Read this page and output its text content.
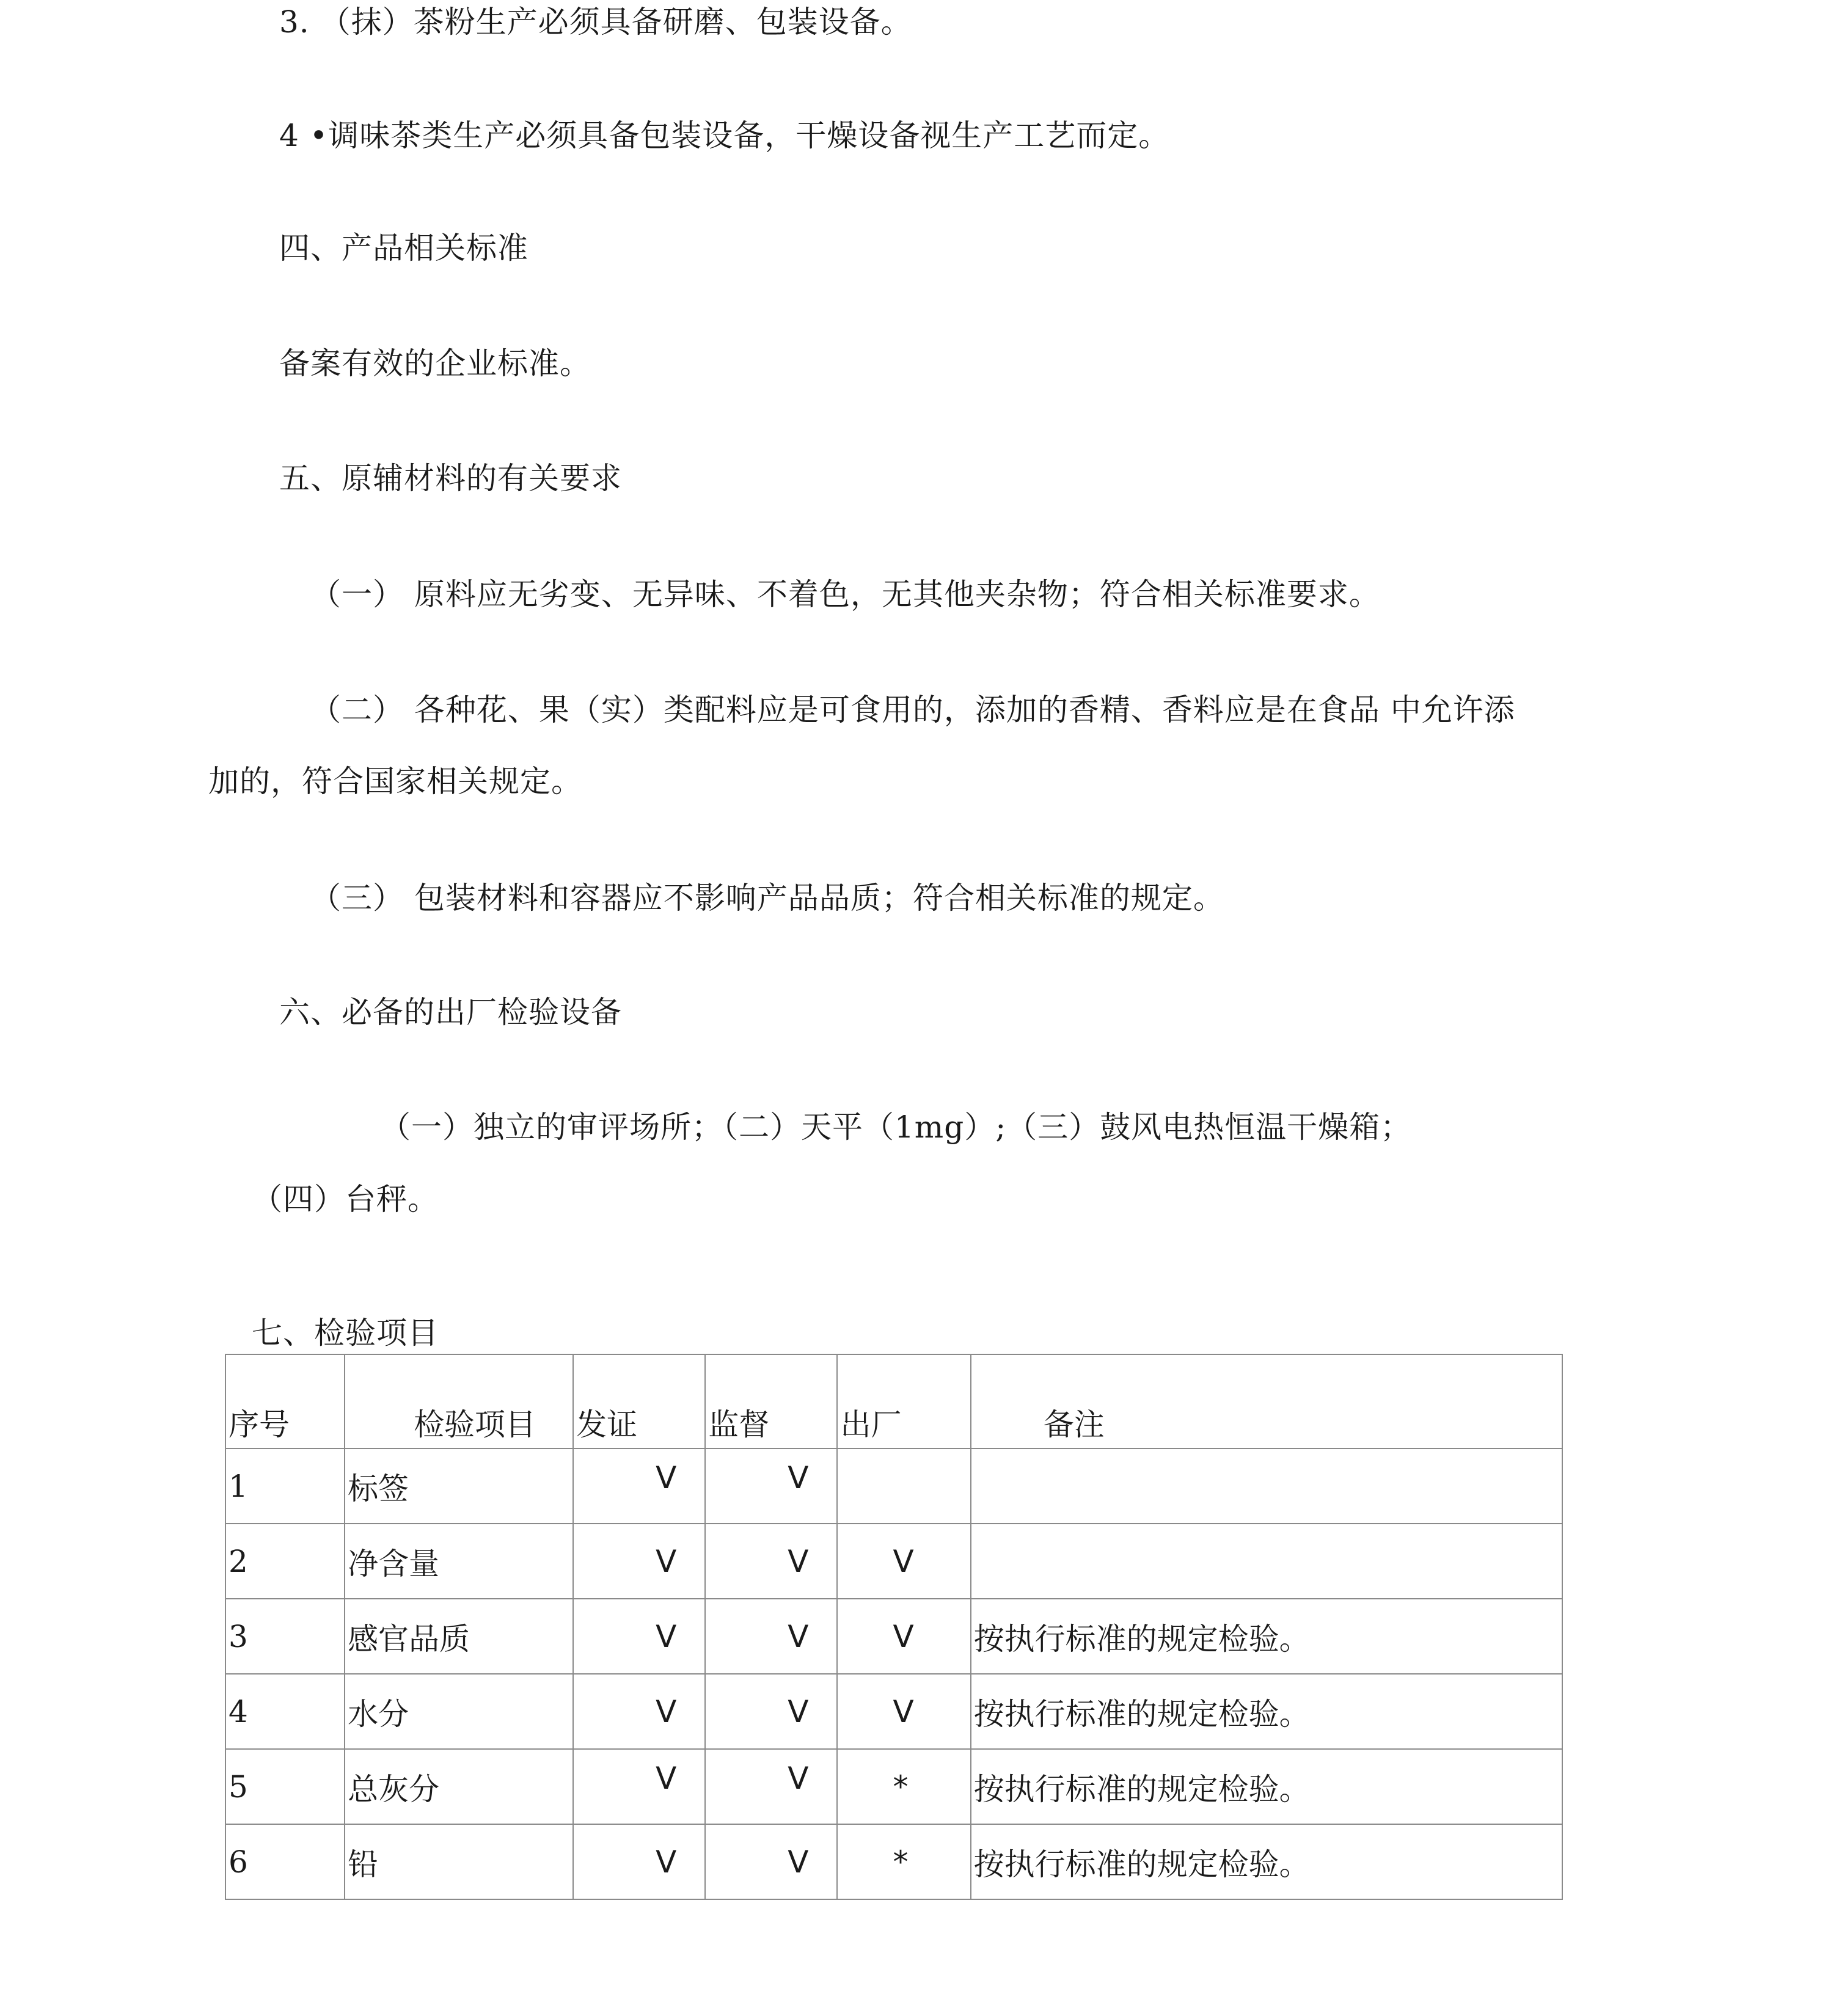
3. （抹）茶粉生产必须具备研磨、包装设备。
4 •调味茶类生产必须具备包装设备，干燥设备视生产工艺而定。
四、产品相关标准
备案有效的企业标准。
五、原辅材料的有关要求
（一） 原料应无劣变、无异味、不着色，无其他夹杂物；符合相关标准要求。
（二） 各种花、果（实）类配料应是可食用的，添加的香精、香料应是在食品 中允许添
加的，符合国家相关规定。
（三） 包装材料和容器应不影响产品品质；符合相关标准的规定。
六、必备的出厂检验设备
（一）独立的审评场所；（二）天平（1mg）;（三）鼓风电热恒温干燥箱；
（四）台秤。
七、检验项目
序号	检验项目	发证	监督	出厂	备注
1	标签	V	V		
2	净含量	V	V	V	
3	感官品质	V	V	V	按执行标准的规定检验。
4	水分	V	V	V	按执行标准的规定检验。
5	总灰分	V	V	*	按执行标准的规定检验。
6	铅	V	V	*	按执行标准的规定检验。
